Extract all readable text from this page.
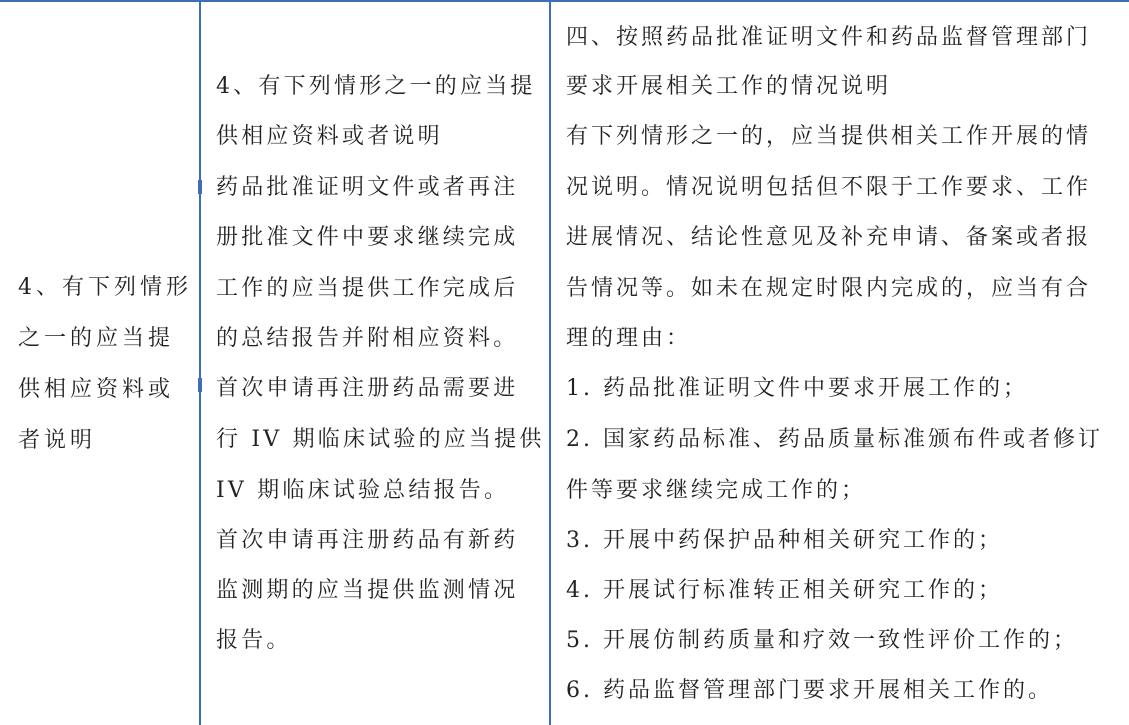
4、有下列情形
之一的应当提
供相应资料或
者说明
4、有下列情形之一的应当提
供相应资料或者说明
药品批准证明文件或者再注
册批准文件中要求继续完成
工作的应当提供工作完成后
的总结报告并附相应资料。
首次申请再注册药品需要进
行 IV 期临床试验的应当提供
IV 期临床试验总结报告。
首次申请再注册药品有新药
监测期的应当提供监测情况
报告。
四、按照药品批准证明文件和药品监督管理部门
要求开展相关工作的情况说明
有下列情形之一的，应当提供相关工作开展的情
况说明。情况说明包括但不限于工作要求、工作
进展情况、结论性意见及补充申请、备案或者报
告情况等。如未在规定时限内完成的，应当有合
理的理由：
1. 药品批准证明文件中要求开展工作的；
2. 国家药品标准、药品质量标准颁布件或者修订
件等要求继续完成工作的；
3. 开展中药保护品种相关研究工作的；
4. 开展试行标准转正相关研究工作的；
5. 开展仿制药质量和疗效一致性评价工作的；
6. 药品监督管理部门要求开展相关工作的。
